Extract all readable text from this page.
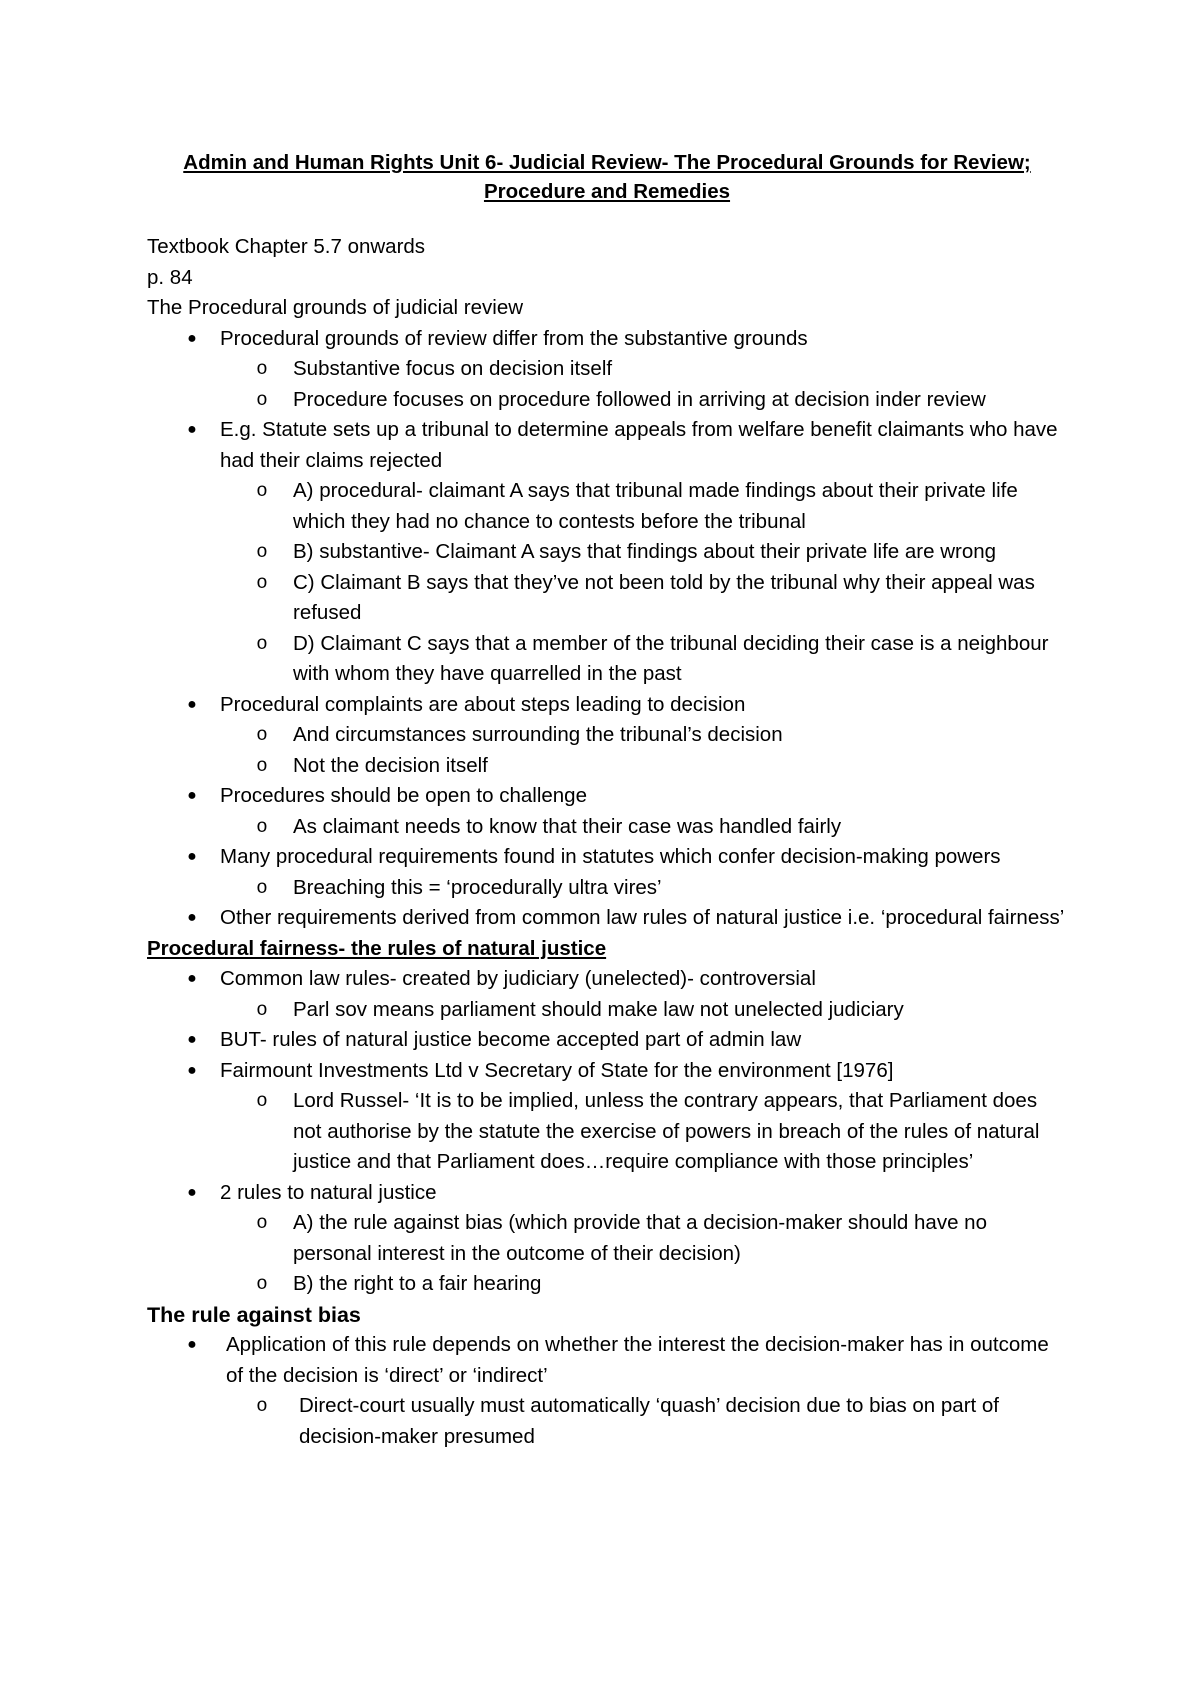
Admin and Human Rights Unit 6- Judicial Review- The Procedural Grounds for Review;

Procedure and Remedies

Textbook Chapter 5.7 onwards

p. 84

The Procedural grounds of judicial review

● Procedural grounds of review differ from the substantive grounds
o Substantive focus on decision itself
o Procedure focuses on procedure followed in arriving at decision inder review
● E.g. Statute sets up a tribunal to determine appeals from welfare benefit claimants who have had their claims rejected
o A) procedural- claimant A says that tribunal made findings about their private life which they had no chance to contests before the tribunal
o B) substantive- Claimant A says that findings about their private life are wrong
o C) Claimant B says that they’ve not been told by the tribunal why their appeal was refused
o D) Claimant C says that a member of the tribunal deciding their case is a neighbour with whom they have quarrelled in the past
● Procedural complaints are about steps leading to decision
o And circumstances surrounding the tribunal’s decision
o Not the decision itself
● Procedures should be open to challenge
o As claimant needs to know that their case was handled fairly
● Many procedural requirements found in statutes which confer decision-making powers
o Breaching this = ‘procedurally ultra vires’
● Other requirements derived from common law rules of natural justice i.e. ‘procedural fairness’

Procedural fairness- the rules of natural justice

● Common law rules- created by judiciary (unelected)- controversial
o Parl sov means parliament should make law not unelected judiciary
● BUT- rules of natural justice become accepted part of admin law
● Fairmount Investments Ltd v Secretary of State for the environment [1976]
o Lord Russel- ‘It is to be implied, unless the contrary appears, that Parliament does not authorise by the statute the exercise of powers in breach of the rules of natural justice and that Parliament does…require compliance with those principles’
● 2 rules to natural justice
o A) the rule against bias (which provide that a decision-maker should have no personal interest in the outcome of their decision)
o B) the right to a fair hearing

The rule against bias

● Application of this rule depends on whether the interest the decision-maker has in outcome of the decision is ‘direct’ or ‘indirect’
o Direct-court usually must automatically ‘quash’ decision due to bias on part of decision-maker presumed
